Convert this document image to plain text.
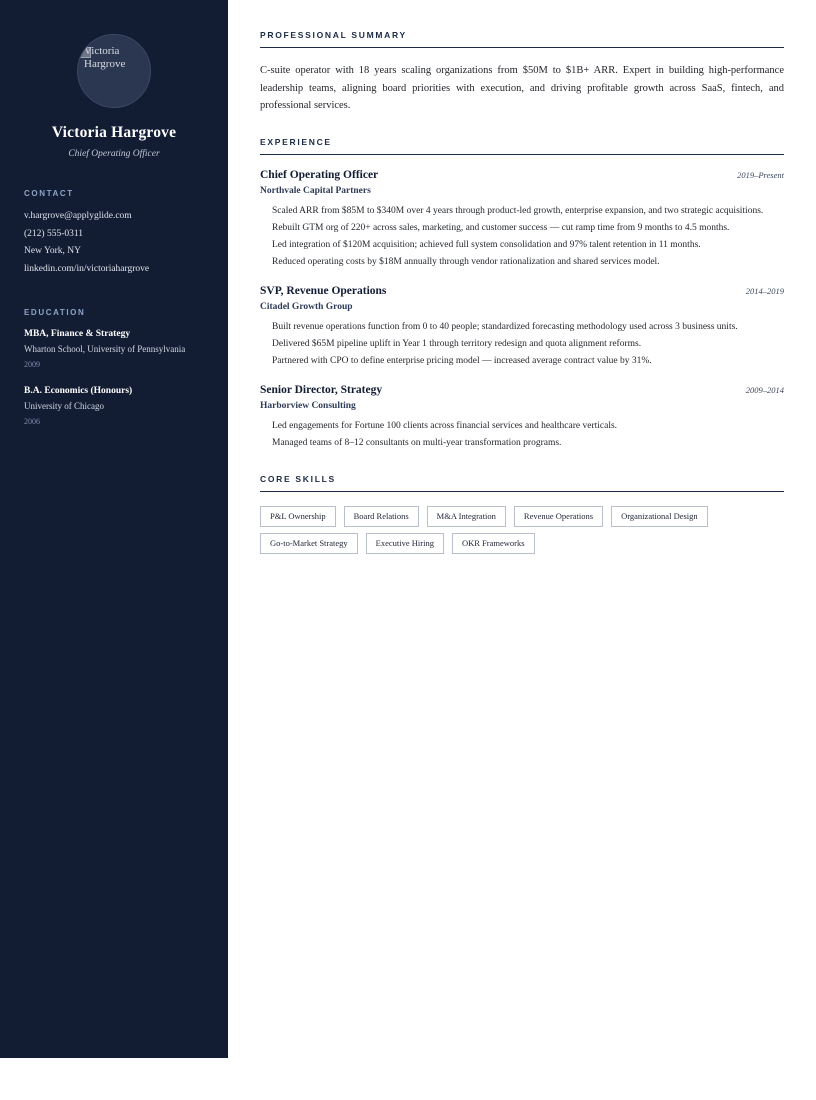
Victoria Hargrove
Victoria Hargrove
Chief Operating Officer
CONTACT
v.hargrove@applyglide.com
(212) 555-0311
New York, NY
linkedin.com/in/victoriahargrove
EDUCATION
MBA, Finance & Strategy
Wharton School, University of Pennsylvania
2009
B.A. Economics (Honours)
University of Chicago
2006
PROFESSIONAL SUMMARY

C-suite operator with 18 years scaling organizations from $50M to $1B+ ARR. Expert in building high-performance leadership teams, aligning board priorities with execution, and driving profitable growth across SaaS, fintech, and professional services.

EXPERIENCE
Chief Operating Officer	2019–Present
Northvale Capital Partners
Scaled ARR from $85M to $340M over 4 years through product-led growth, enterprise expansion, and two strategic acquisitions.
Rebuilt GTM org of 220+ across sales, marketing, and customer success — cut ramp time from 9 months to 4.5 months.
Led integration of $120M acquisition; achieved full system consolidation and 97% talent retention in 11 months.
Reduced operating costs by $18M annually through vendor rationalization and shared services model.
SVP, Revenue Operations	2014–2019
Citadel Growth Group
Built revenue operations function from 0 to 40 people; standardized forecasting methodology used across 3 business units.
Delivered $65M pipeline uplift in Year 1 through territory redesign and quota alignment reforms.
Partnered with CPO to define enterprise pricing model — increased average contract value by 31%.
Senior Director, Strategy	2009–2014
Harborview Consulting
Led engagements for Fortune 100 clients across financial services and healthcare verticals.
Managed teams of 8–12 consultants on multi-year transformation programs.
CORE SKILLS
P&L Ownership	Board Relations	M&A Integration	Revenue Operations	Organizational Design
Go-to-Market Strategy	Executive Hiring	OKR Frameworks
